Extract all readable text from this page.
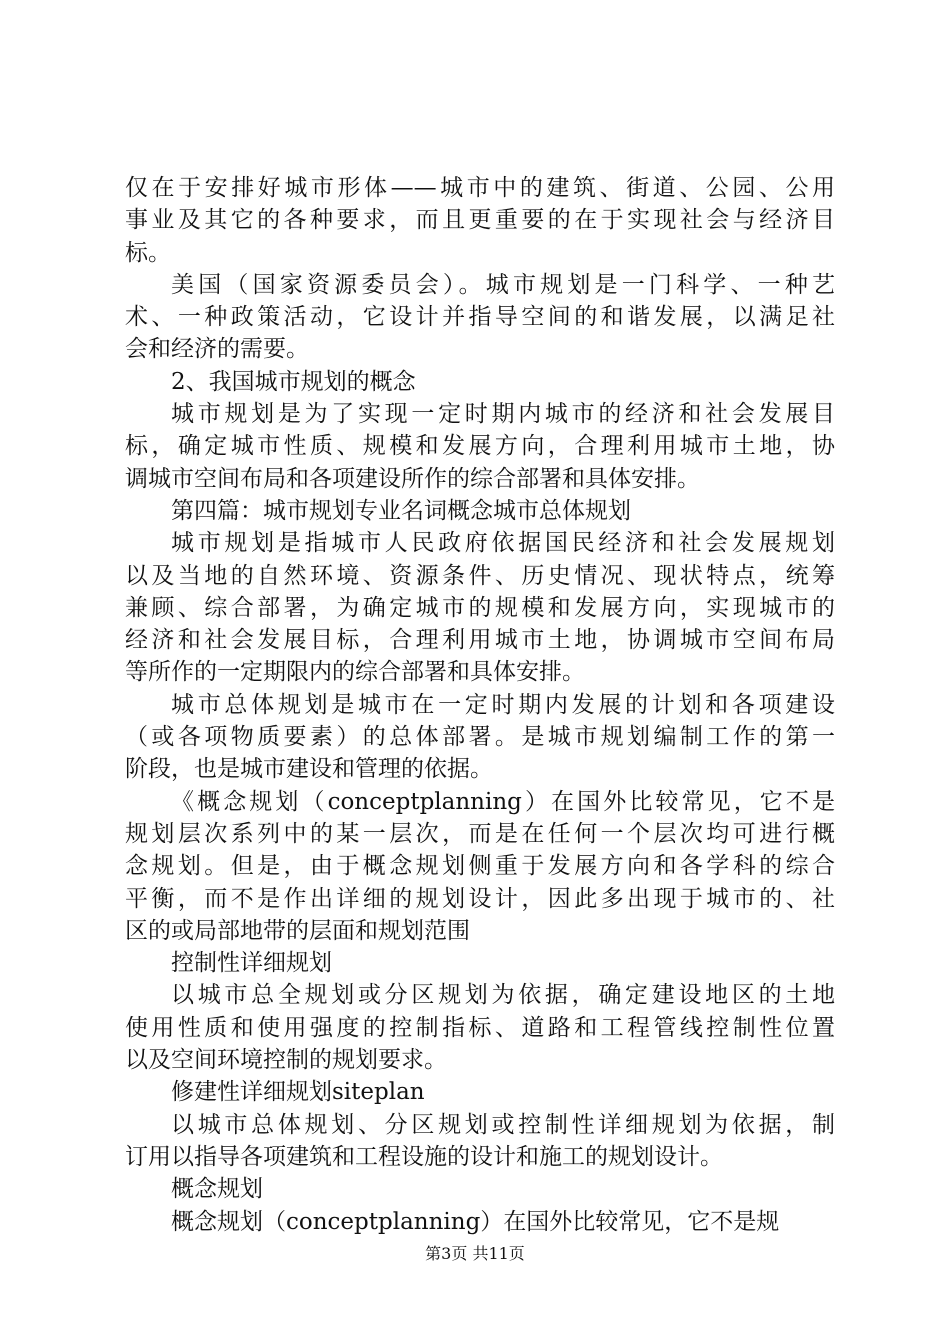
仅在于安排好城市形体——城市中的建筑、街道、公园、公用
事业及其它的各种要求，而且更重要的在于实现社会与经济目
标。
美国（国家资源委员会）。城市规划是一门科学、一种艺
术、一种政策活动，它设计并指导空间的和谐发展，以满足社
会和经济的需要。
2、我国城市规划的概念
城市规划是为了实现一定时期内城市的经济和社会发展目
标，确定城市性质、规模和发展方向，合理利用城市土地，协
调城市空间布局和各项建设所作的综合部署和具体安排。
第四篇：城市规划专业名词概念城市总体规划
城市规划是指城市人民政府依据国民经济和社会发展规划
以及当地的自然环境、资源条件、历史情况、现状特点，统筹
兼顾、综合部署，为确定城市的规模和发展方向，实现城市的
经济和社会发展目标，合理利用城市土地，协调城市空间布局
等所作的一定期限内的综合部署和具体安排。
城市总体规划是城市在一定时期内发展的计划和各项建设
（或各项物质要素）的总体部署。是城市规划编制工作的第一
阶段，也是城市建设和管理的依据。
《概念规划（conceptplanning）在国外比较常见，它不是
规划层次系列中的某一层次，而是在任何一个层次均可进行概
念规划。但是，由于概念规划侧重于发展方向和各学科的综合
平衡，而不是作出详细的规划设计，因此多出现于城市的、社
区的或局部地带的层面和规划范围
控制性详细规划
以城市总全规划或分区规划为依据，确定建设地区的土地
使用性质和使用强度的控制指标、道路和工程管线控制性位置
以及空间环境控制的规划要求。
修建性详细规划siteplan
以城市总体规划、分区规划或控制性详细规划为依据，制
订用以指导各项建筑和工程设施的设计和施工的规划设计。
概念规划
概念规划（conceptplanning）在国外比较常见，它不是规
第3页 共11页
